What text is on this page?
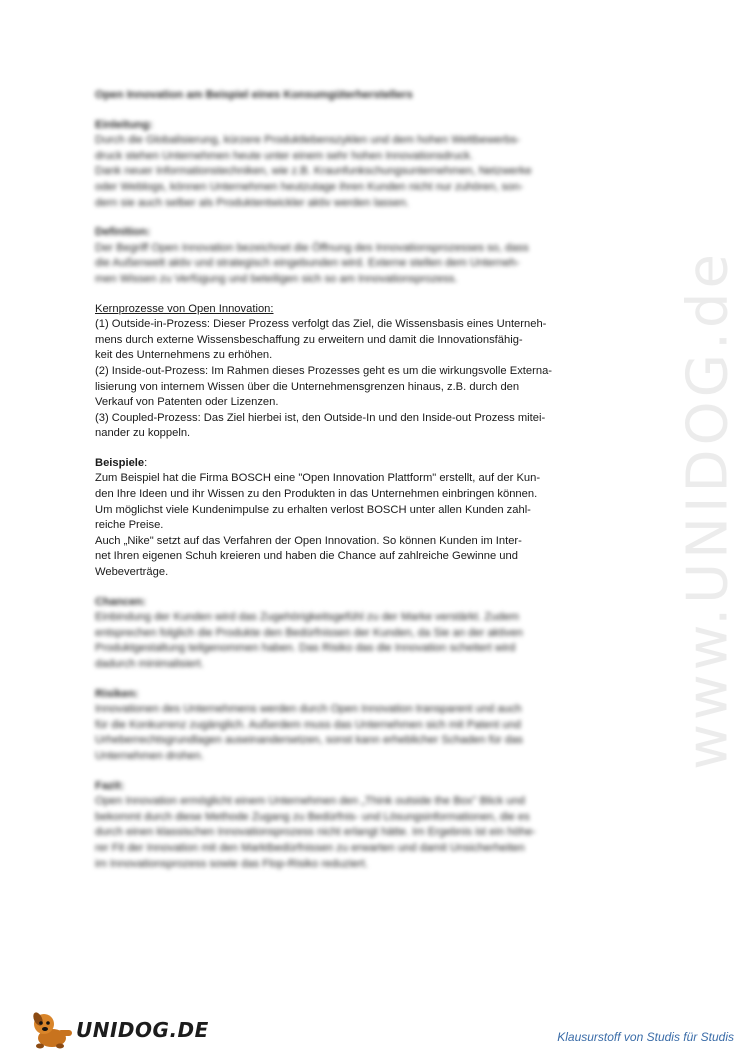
Open Innovation am Beispiel eines Konsumgüterherstellers
Einleitung:
Durch die Globalisierung, kürzere Produktlebenszyklen und dem hohen Wettbewerbs-
druck stehen Unternehmen heute unter einem sehr hohen Innovationsdruck.
Dank neuer Informationstechniken, wie z.B. Kraunfunkschungsunternehmen, Netzwerke
oder Weblogs, können Unternehmen heutzutage ihren Kunden nicht nur zuhören, son-
dern sie auch selber als Produktentwickler aktiv werden lassen.
Definition:
Der Begriff Open Innovation bezeichnet die Öffnung des Innovationsprozesses so, dass
die Außenwelt aktiv und strategisch eingebunden wird. Externe stellen dem Unterneh-
men Wissen zu Verfügung und beteiligen sich so am Innovationsprozess.
Kernprozesse von Open Innovation:
(1) Outside-in-Prozess: Dieser Prozess verfolgt das Ziel, die Wissensbasis eines Unterneh-
mens durch externe Wissensbeschaffung zu erweitern und damit die Innovationsfähig-
keit des Unternehmens zu erhöhen.
(2) Inside-out-Prozess: Im Rahmen dieses Prozesses geht es um die wirkungsvolle Externa-
lisierung von internem Wissen über die Unternehmensgrenzen hinaus, z.B. durch den
Verkauf von Patenten oder Lizenzen.
(3) Coupled-Prozess: Das Ziel hierbei ist, den Outside-In und den Inside-out Prozess mitei-
nander zu koppeln.
Beispiele:
Zum Beispiel hat die Firma BOSCH eine "Open Innovation Plattform" erstellt, auf der Kun-
den Ihre Ideen und ihr Wissen zu den Produkten in das Unternehmen einbringen können.
Um möglichst viele Kundenimpulse zu erhalten verlost BOSCH unter allen Kunden zahl-
reiche Preise.
Auch „Nike" setzt auf das Verfahren der Open Innovation. So können Kunden im Inter-
net Ihren eigenen Schuh kreieren und haben die Chance auf zahlreiche Gewinne und
Webeverträge.
Chancen:
Einbindung der Kunden wird das Zugehörigkeitsgefühl zu der Marke verstärkt. Zudem
entsprechen folglich die Produkte den Bedürfnissen der Kunden, da Sie an der aktiven
Produktgestaltung teilgenommen haben. Das Risiko das die Innovation scheitert wird
dadurch minimalisiert.
Risiken:
Innovationen des Unternehmens werden durch Open Innovation transparent und auch
für die Konkurrenz zugänglich. Außerdem muss das Unternehmen sich mit Patent und
Urheberrechtsgrundlagen auseinandersetzen, sonst kann erheblicher Schaden für das
Unternehmen drohen.
Fazit:
Open Innovation ermöglicht einem Unternehmen den „Think outside the Box" Blick und
bekommt durch diese Methode Zugang zu Bedürfnis- und Lösungsinformationen, die es
durch einen klassischen Innovationsprozess nicht erlangt hätte. Im Ergebnis ist ein höhe-
rer Fit der Innovation mit den Marktbedürfnissen zu erwarten und damit Unsicherheiten
im Innovationsprozess sowie das Flop-Risiko reduziert.
www.UNIDOG.de
UNIDOG.DE	Klausurstoff von Studis für Studis
